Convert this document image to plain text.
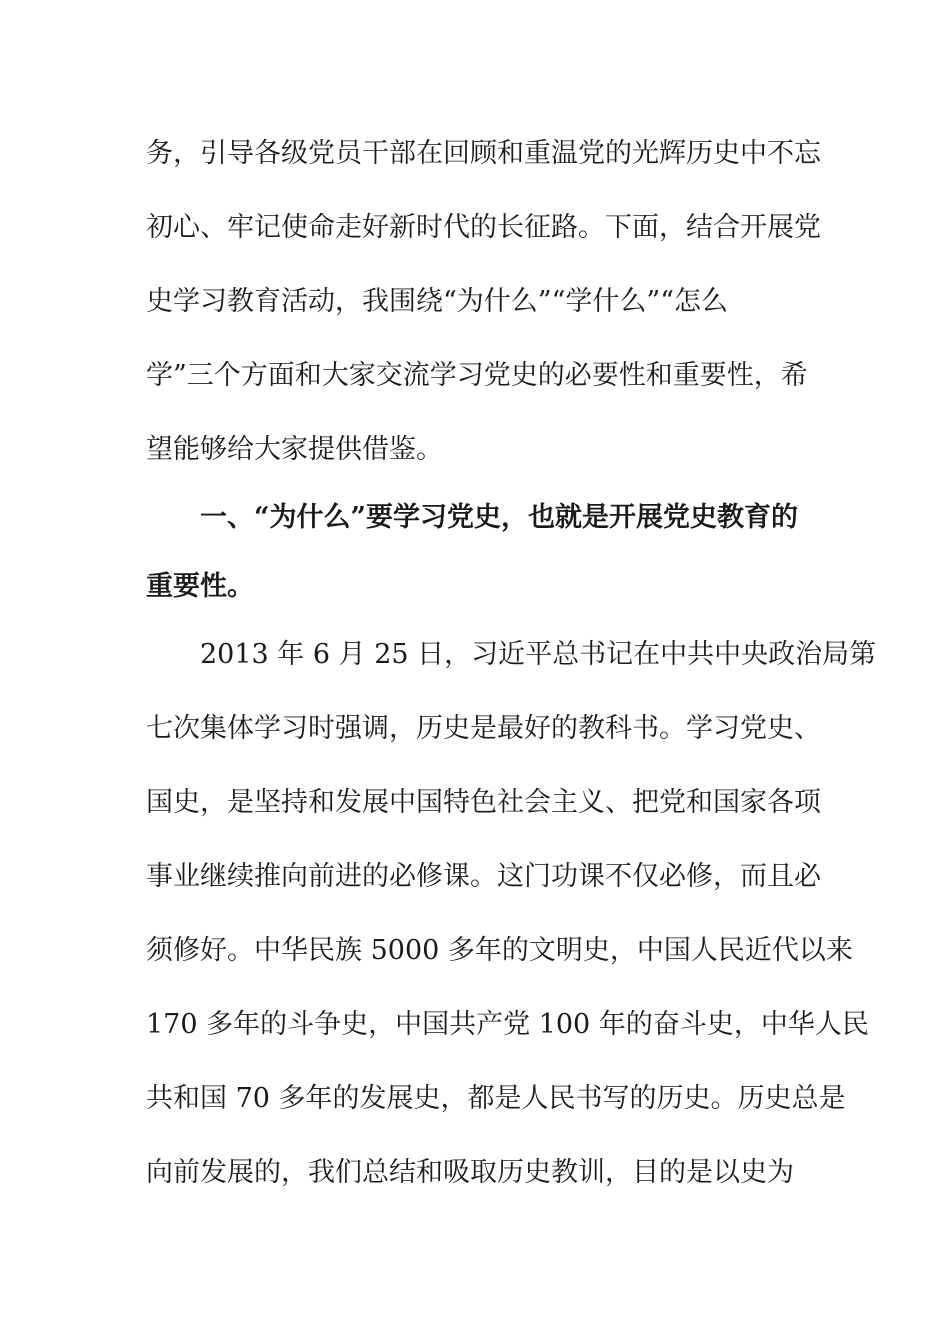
务，引导各级党员干部在回顾和重温党的光辉历史中不忘

初心、牢记使命走好新时代的长征路。下面，结合开展党

史学习教育活动，我围绕“为什么”“学什么”“怎么

学”三个方面和大家交流学习党史的必要性和重要性，希

望能够给大家提供借鉴。

一、“为什么”要学习党史，也就是开展党史教育的

重要性。

2013 年 6 月 25 日，习近平总书记在中共中央政治局第

七次集体学习时强调，历史是最好的教科书。学习党史、

国史，是坚持和发展中国特色社会主义、把党和国家各项

事业继续推向前进的必修课。这门功课不仅必修，而且必

须修好。中华民族 5000 多年的文明史，中国人民近代以来

170 多年的斗争史，中国共产党 100 年的奋斗史，中华人民

共和国 70 多年的发展史，都是人民书写的历史。历史总是

向前发展的，我们总结和吸取历史教训，目的是以史为
